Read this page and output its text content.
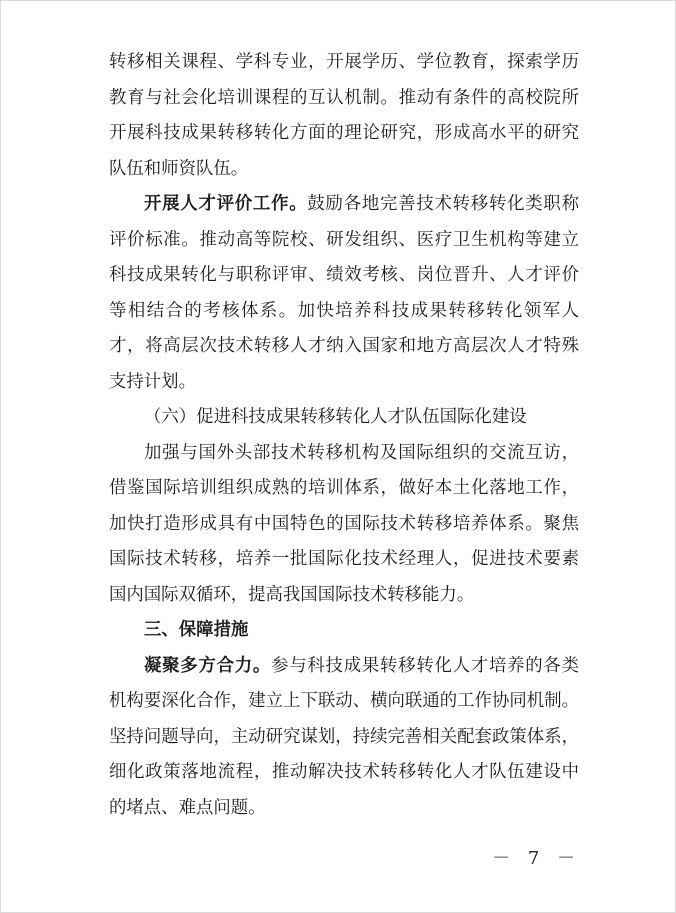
转移相关课程、学科专业，开展学历、学位教育，探索学历
教育与社会化培训课程的互认机制。推动有条件的高校院所
开展科技成果转移转化方面的理论研究，形成高水平的研究
队伍和师资队伍。
开展人才评价工作。鼓励各地完善技术转移转化类职称
评价标准。推动高等院校、研发组织、医疗卫生机构等建立
科技成果转化与职称评审、绩效考核、岗位晋升、人才评价
等相结合的考核体系。加快培养科技成果转移转化领军人
才，将高层次技术转移人才纳入国家和地方高层次人才特殊
支持计划。
（六）促进科技成果转移转化人才队伍国际化建设
加强与国外头部技术转移机构及国际组织的交流互访，
借鉴国际培训组织成熟的培训体系，做好本土化落地工作，
加快打造形成具有中国特色的国际技术转移培养体系。聚焦
国际技术转移，培养一批国际化技术经理人，促进技术要素
国内国际双循环，提高我国国际技术转移能力。
三、保障措施
凝聚多方合力。参与科技成果转移转化人才培养的各类
机构要深化合作，建立上下联动、横向联通的工作协同机制。
坚持问题导向，主动研究谋划，持续完善相关配套政策体系，
细化政策落地流程，推动解决技术转移转化人才队伍建设中
的堵点、难点问题。
－ 7 －
